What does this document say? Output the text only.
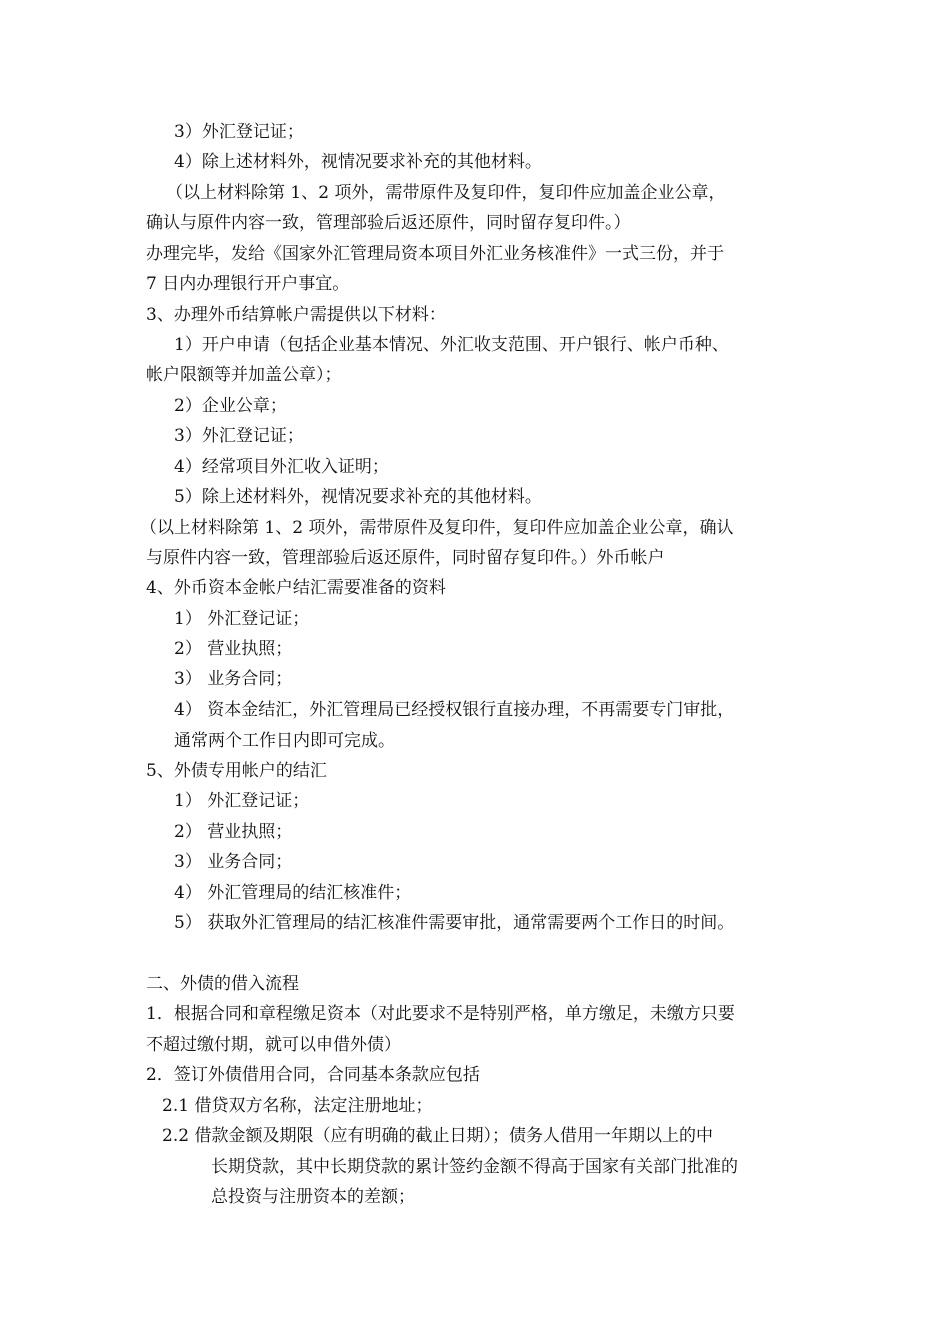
3）外汇登记证；
4）除上述材料外，视情况要求补充的其他材料。
（以上材料除第 1、2 项外，需带原件及复印件，复印件应加盖企业公章，
确认与原件内容一致，管理部验后返还原件，同时留存复印件。）
办理完毕，发给《国家外汇管理局资本项目外汇业务核准件》一式三份，并于
7 日内办理银行开户事宜。
3、办理外币结算帐户需提供以下材料：
1）开户申请（包括企业基本情况、外汇收支范围、开户银行、帐户币种、
帐户限额等并加盖公章）；
2）企业公章；
3）外汇登记证；
4）经常项目外汇收入证明；
5）除上述材料外，视情况要求补充的其他材料。
（以上材料除第 1、2 项外，需带原件及复印件，复印件应加盖企业公章，确认
与原件内容一致，管理部验后返还原件，同时留存复印件。）外币帐户
4、外币资本金帐户结汇需要准备的资料
1） 外汇登记证；
2） 营业执照；
3） 业务合同；
4） 资本金结汇，外汇管理局已经授权银行直接办理，不再需要专门审批，
通常两个工作日内即可完成。
5、外债专用帐户的结汇
1） 外汇登记证；
2） 营业执照；
3） 业务合同；
4） 外汇管理局的结汇核准件；
5） 获取外汇管理局的结汇核准件需要审批，通常需要两个工作日的时间。
二、外债的借入流程
1．根据合同和章程缴足资本（对此要求不是特别严格，单方缴足，未缴方只要
不超过缴付期，就可以申借外债）
2．签订外债借用合同，合同基本条款应包括
2.1 借贷双方名称，法定注册地址；
2.2 借款金额及期限（应有明确的截止日期）；债务人借用一年期以上的中
长期贷款，其中长期贷款的累计签约金额不得高于国家有关部门批准的
总投资与注册资本的差额；
